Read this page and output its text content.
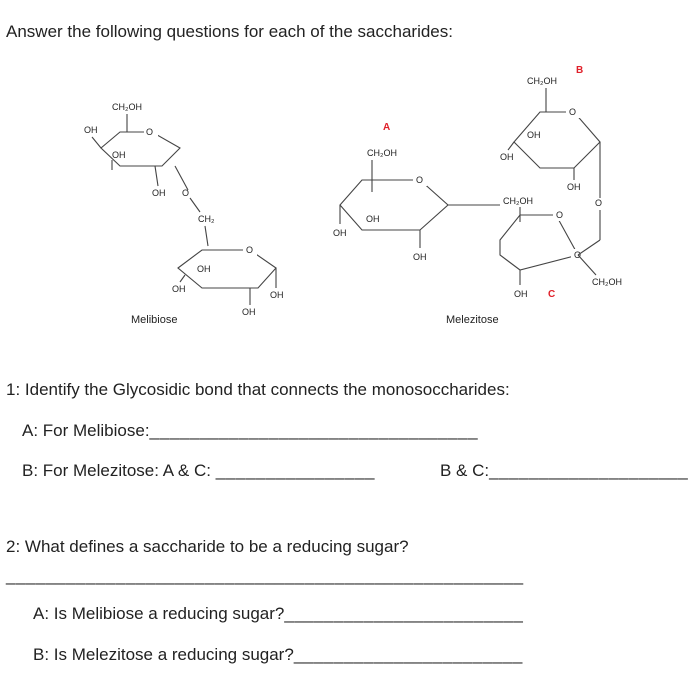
Answer the following questions for each of the saccharides:
O
CH₂OH
OH
OH
OH O
CH₂
O
OH
OH
OH
OH
Melibiose
A
O
CH₂OH
OH
OH
OH
B
O
CH₂OH
OH
OH
OH
O
O
O
CH₂OH
OH
CH₂OH
C
Melezitose
1: Identify the Glycosidic bond that connects the monosoccharides:
A: For Melibiose:_________________________________
B: For Melezitose: A & C: ________________	B & C:____________________
2: What defines a saccharide to be a reducing sugar?
____________________________________________________
A: Is Melibiose a reducing sugar?________________________
B: Is Melezitose a reducing sugar?_______________________
